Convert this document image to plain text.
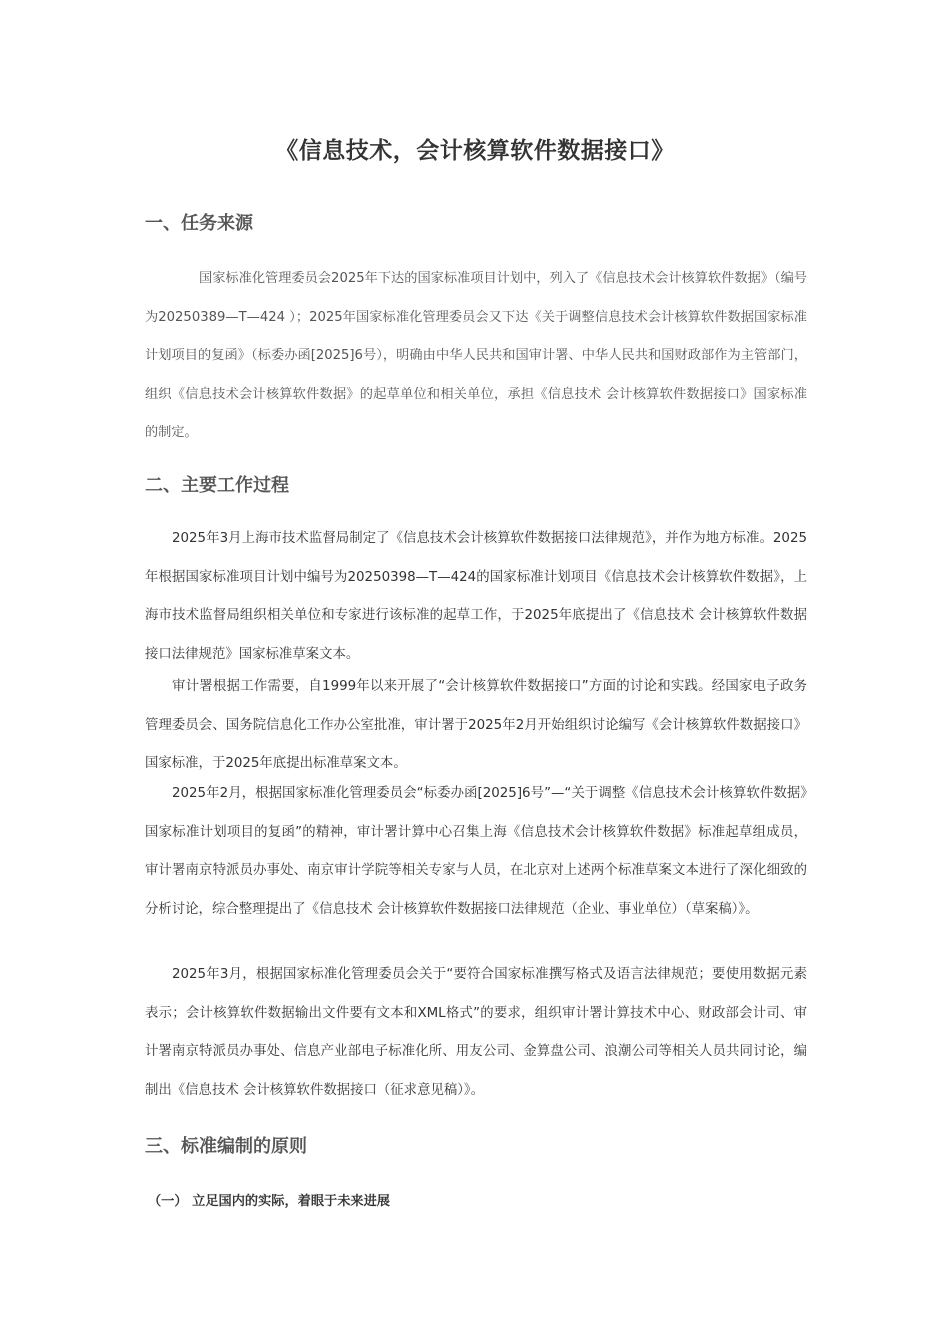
《信息技术，会计核算软件数据接口》
一、任务来源

国家标准化管理委员会2025年下达的国家标准项目计划中，列入了《信息技术会计核算软件数据》（编号为20250389—T—424 ）；2025年国家标准化管理委员会又下达《关于调整信息技术会计核算软件数据国家标准计划项目的复函》（标委办函[2025]6号），明确由中华人民共和国审计署、中华人民共和国财政部作为主管部门，组织《信息技术会计核算软件数据》的起草单位和相关单位，承担《信息技术 会计核算软件数据接口》国家标准的制定。

二、主要工作过程

2025年3月上海市技术监督局制定了《信息技术会计核算软件数据接口法律规范》，并作为地方标准。2025年根据国家标准项目计划中编号为20250398—T—424的国家标准计划项目《信息技术会计核算软件数据》，上海市技术监督局组织相关单位和专家进行该标准的起草工作，于2025年底提出了《信息技术 会计核算软件数据接口法律规范》国家标准草案文本。

审计署根据工作需要，自1999年以来开展了“会计核算软件数据接口”方面的讨论和实践。经国家电子政务管理委员会、国务院信息化工作办公室批准，审计署于2025年2月开始组织讨论编写《会计核算软件数据接口》国家标准，于2025年底提出标准草案文本。

2025年2月，根据国家标准化管理委员会“标委办函[2025]6号”—“关于调整《信息技术会计核算软件数据》国家标准计划项目的复函”的精神，审计署计算中心召集上海《信息技术会计核算软件数据》标准起草组成员，审计署南京特派员办事处、南京审计学院等相关专家与人员，在北京对上述两个标准草案文本进行了深化细致的分析讨论，综合整理提出了《信息技术 会计核算软件数据接口法律规范（企业、事业单位）（草案稿）》。

2025年3月，根据国家标准化管理委员会关于“要符合国家标准撰写格式及语言法律规范；要使用数据元素表示；会计核算软件数据输出文件要有文本和XML格式”的要求，组织审计署计算技术中心、财政部会计司、审计署南京特派员办事处、信息产业部电子标准化所、用友公司、金算盘公司、浪潮公司等相关人员共同讨论，编制出《信息技术 会计核算软件数据接口（征求意见稿）》。

三、标准编制的原则
（一） 立足国内的实际，着眼于未来进展
